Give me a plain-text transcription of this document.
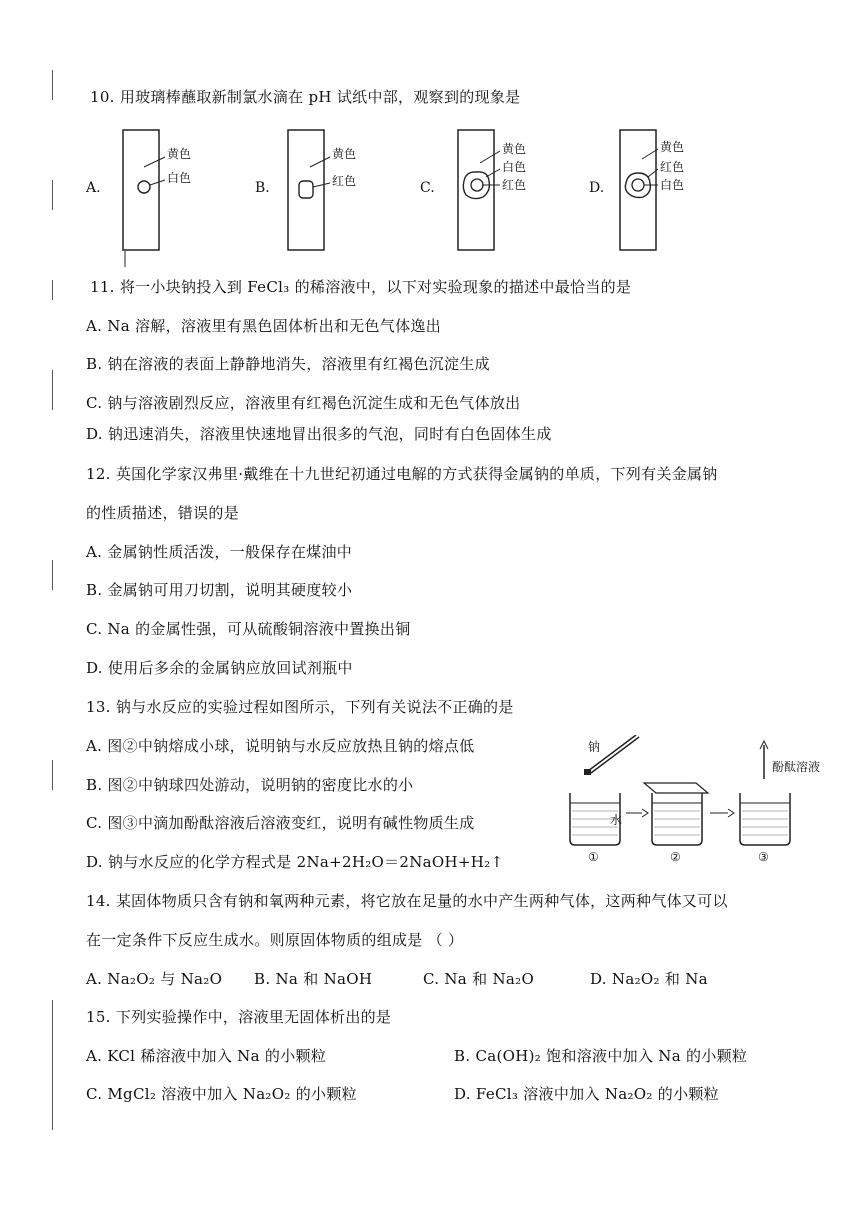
10. 用玻璃棒蘸取新制氯水滴在 pH 试纸中部，观察到的现象是
A.
黄色
白色
B.
黄色
红色	C.
黄色
白色
红色	D.
黄色
红色
白色
11. 将一小块钠投入到 FeCl₃ 的稀溶液中，以下对实验现象的描述中最恰当的是
A. Na 溶解，溶液里有黑色固体析出和无色气体逸出
B. 钠在溶液的表面上静静地消失，溶液里有红褐色沉淀生成
C. 钠与溶液剧烈反应，溶液里有红褐色沉淀生成和无色气体放出
D. 钠迅速消失，溶液里快速地冒出很多的气泡，同时有白色固体生成
12. 英国化学家汉弗里·戴维在十九世纪初通过电解的方式获得金属钠的单质，下列有关金属钠
的性质描述，错误的是
A. 金属钠性质活泼，一般保存在煤油中
B. 金属钠可用刀切割，说明其硬度较小
C. Na 的金属性强，可从硫酸铜溶液中置换出铜
D. 使用后多余的金属钠应放回试剂瓶中
13. 钠与水反应的实验过程如图所示，下列有关说法不正确的是
A. 图②中钠熔成小球，说明钠与水反应放热且钠的熔点低
B. 图②中钠球四处游动，说明钠的密度比水的小
C. 图③中滴加酚酞溶液后溶液变红，说明有碱性物质生成
D. 钠与水反应的化学方程式是 2Na+2H₂O＝2NaOH+H₂↑
钠
水
酚酞溶液
①	②	③
14. 某固体物质只含有钠和氧两种元素，将它放在足量的水中产生两种气体，这两种气体又可以
在一定条件下反应生成水。则原固体物质的组成是 （ ）
A. Na₂O₂ 与 Na₂O B. Na 和 NaOH	C. Na 和 Na₂O	D. Na₂O₂ 和 Na
15. 下列实验操作中，溶液里无固体析出的是
A. KCl 稀溶液中加入 Na 的小颗粒	B. Ca(OH)₂ 饱和溶液中加入 Na 的小颗粒
C. MgCl₂ 溶液中加入 Na₂O₂ 的小颗粒	D. FeCl₃ 溶液中加入 Na₂O₂ 的小颗粒
